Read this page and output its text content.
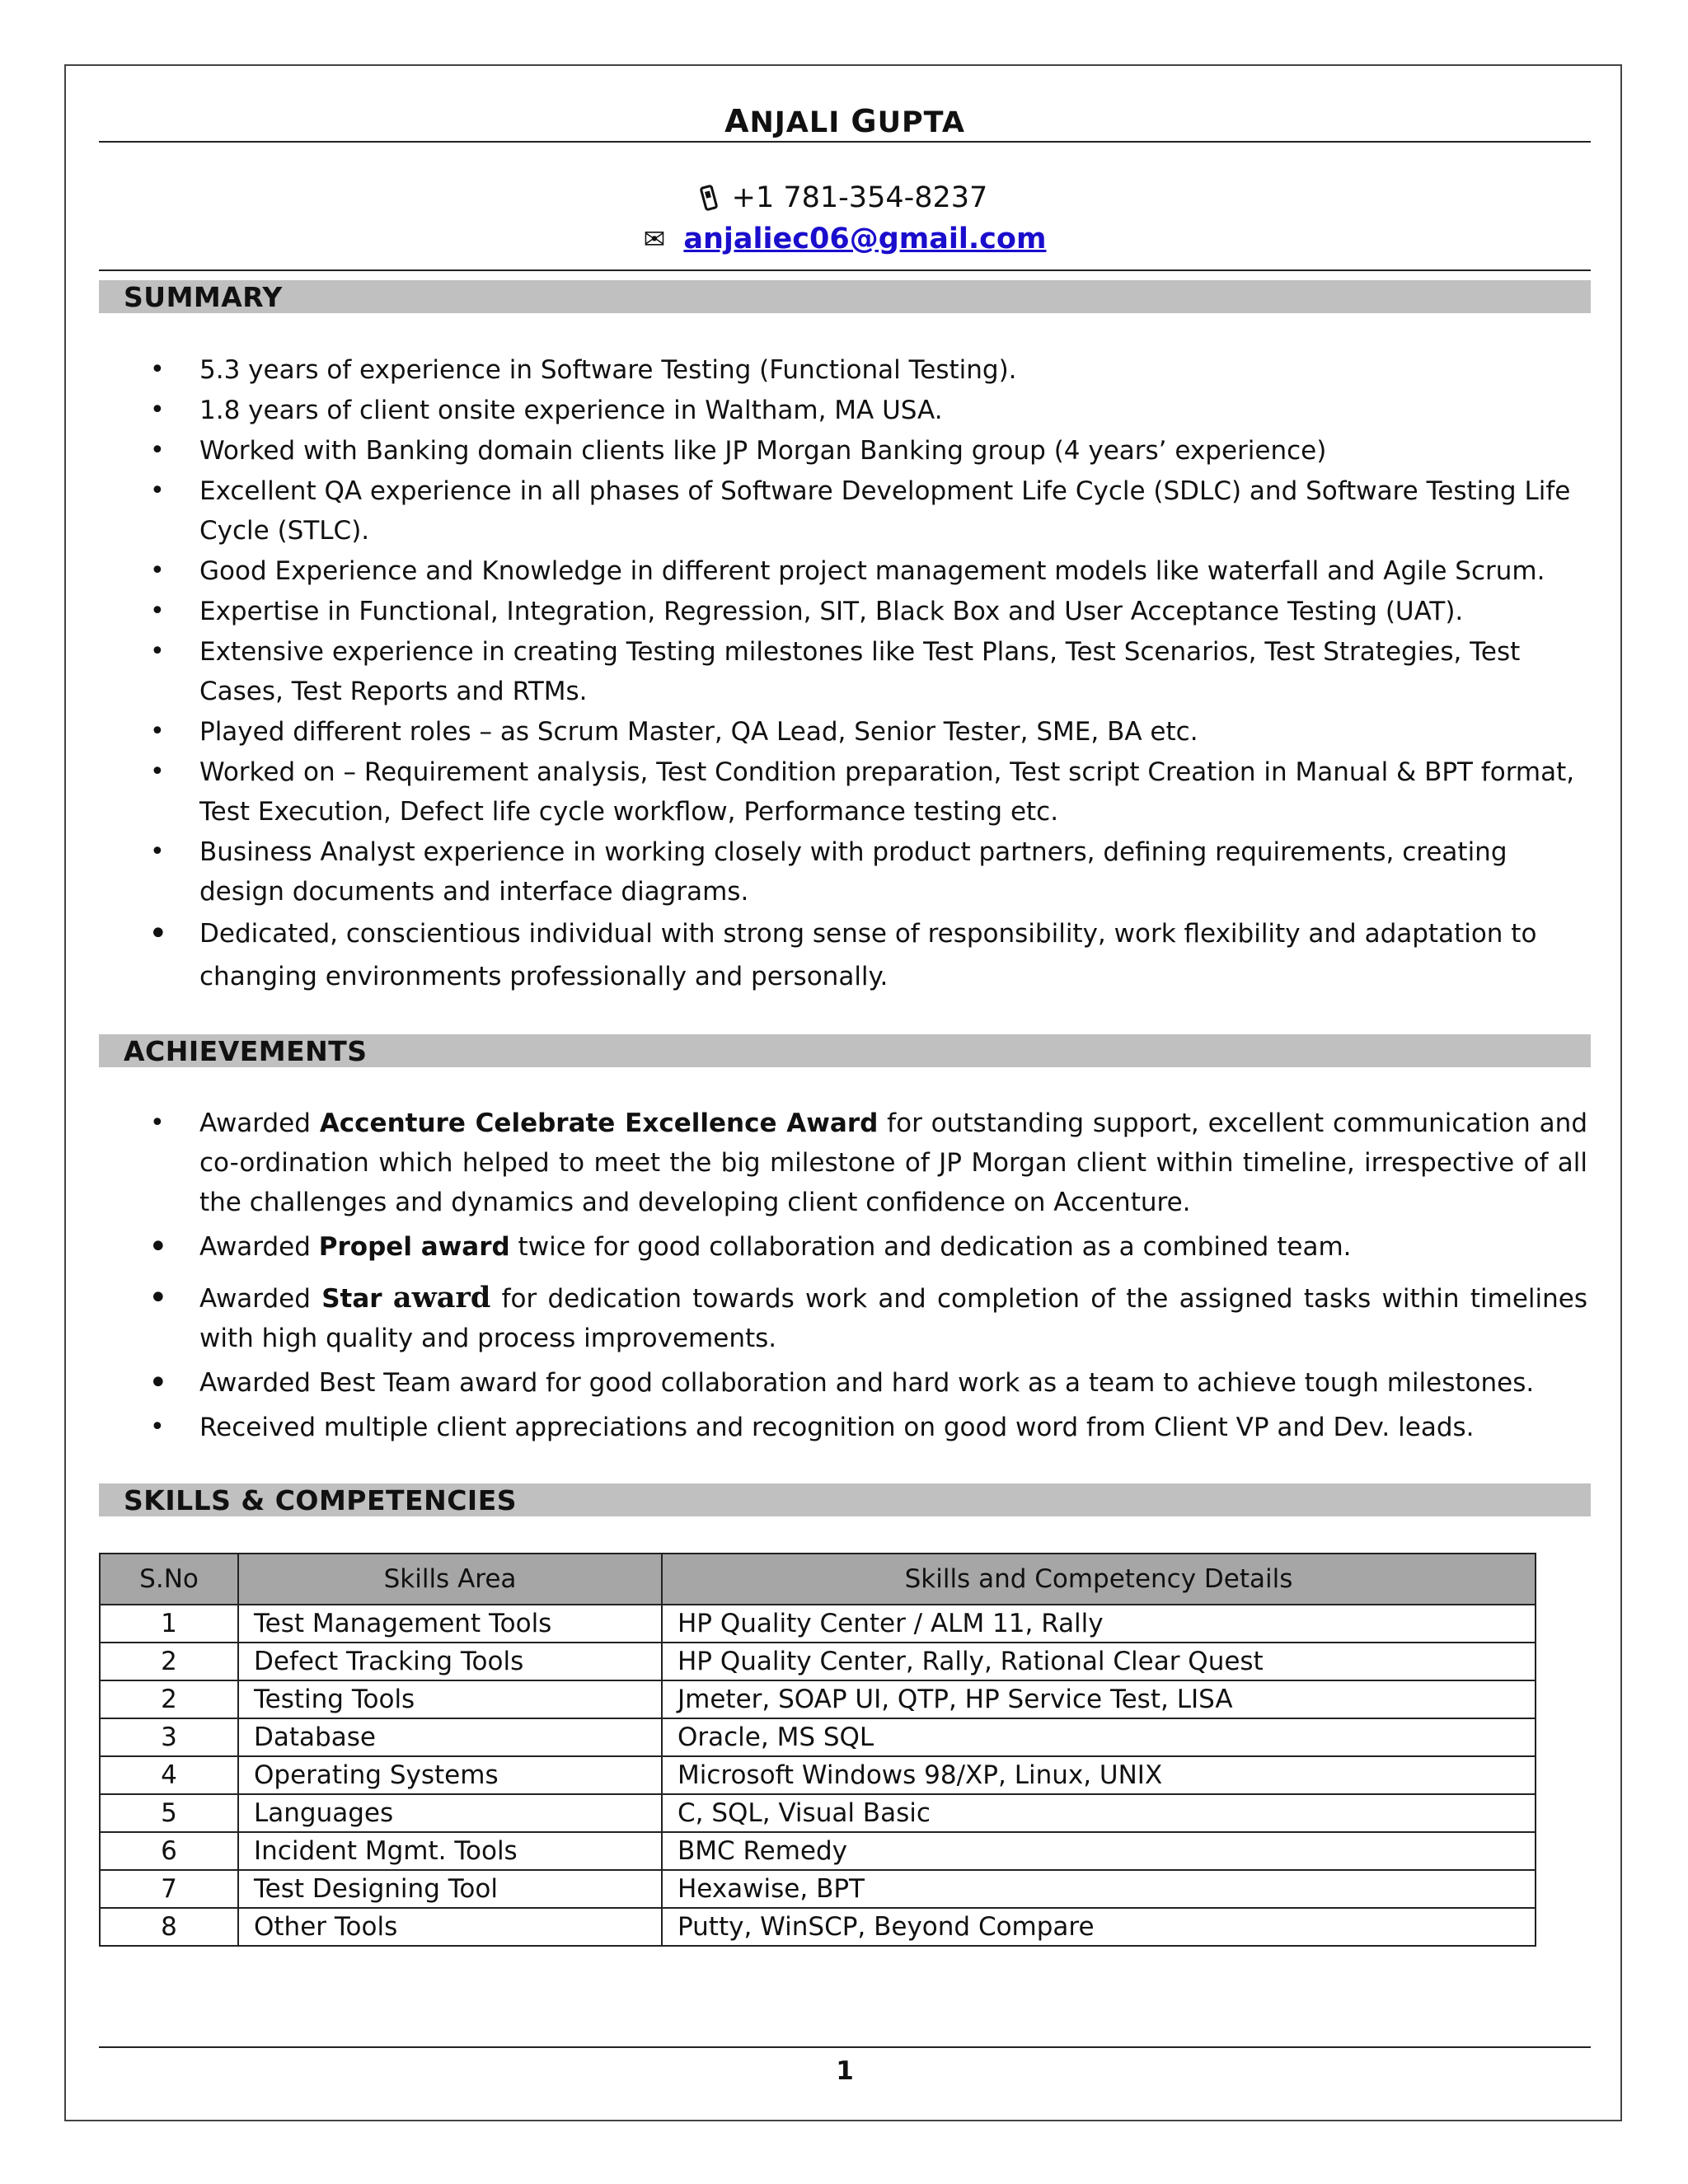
ANJALI GUPTA
+1 781-354-8237
✉ anjaliec06@gmail.com
SUMMARY
• 5.3 years of experience in Software Testing (Functional Testing).
• 1.8 years of client onsite experience in Waltham, MA USA.
• Worked with Banking domain clients like JP Morgan Banking group (4 years’ experience)
• Excellent QA experience in all phases of Software Development Life Cycle (SDLC) and Software Testing Life Cycle (STLC).
• Good Experience and Knowledge in different project management models like waterfall and Agile Scrum.
• Expertise in Functional, Integration, Regression, SIT, Black Box and User Acceptance Testing (UAT).
• Extensive experience in creating Testing milestones like Test Plans, Test Scenarios, Test Strategies, Test Cases, Test Reports and RTMs.
• Played different roles – as Scrum Master, QA Lead, Senior Tester, SME, BA etc.
• Worked on – Requirement analysis, Test Condition preparation, Test script Creation in Manual & BPT format, Test Execution, Defect life cycle workflow, Performance testing etc.
• Business Analyst experience in working closely with product partners, defining requirements, creating design documents and interface diagrams.
• Dedicated, conscientious individual with strong sense of responsibility, work flexibility and adaptation to changing environments professionally and personally.
ACHIEVEMENTS
• Awarded Accenture Celebrate Excellence Award for outstanding support, excellent communication and co-ordination which helped to meet the big milestone of JP Morgan client within timeline, irrespective of all the challenges and dynamics and developing client confidence on Accenture.
• Awarded Propel award twice for good collaboration and dedication as a combined team.
• Awarded Star award for dedication towards work and completion of the assigned tasks within timelines with high quality and process improvements.
• Awarded Best Team award for good collaboration and hard work as a team to achieve tough milestones.
• Received multiple client appreciations and recognition on good word from Client VP and Dev. leads.
SKILLS & COMPETENCIES
S.No	Skills Area	Skills and Competency Details
1	Test Management Tools	HP Quality Center / ALM 11, Rally
2	Defect Tracking Tools	HP Quality Center, Rally, Rational Clear Quest
2	Testing Tools	Jmeter, SOAP UI, QTP, HP Service Test, LISA
3	Database	Oracle, MS SQL
4	Operating Systems	Microsoft Windows 98/XP, Linux, UNIX
5	Languages	C, SQL, Visual Basic
6	Incident Mgmt. Tools	BMC Remedy
7	Test Designing Tool	Hexawise, BPT
8	Other Tools	Putty, WinSCP, Beyond Compare
1
